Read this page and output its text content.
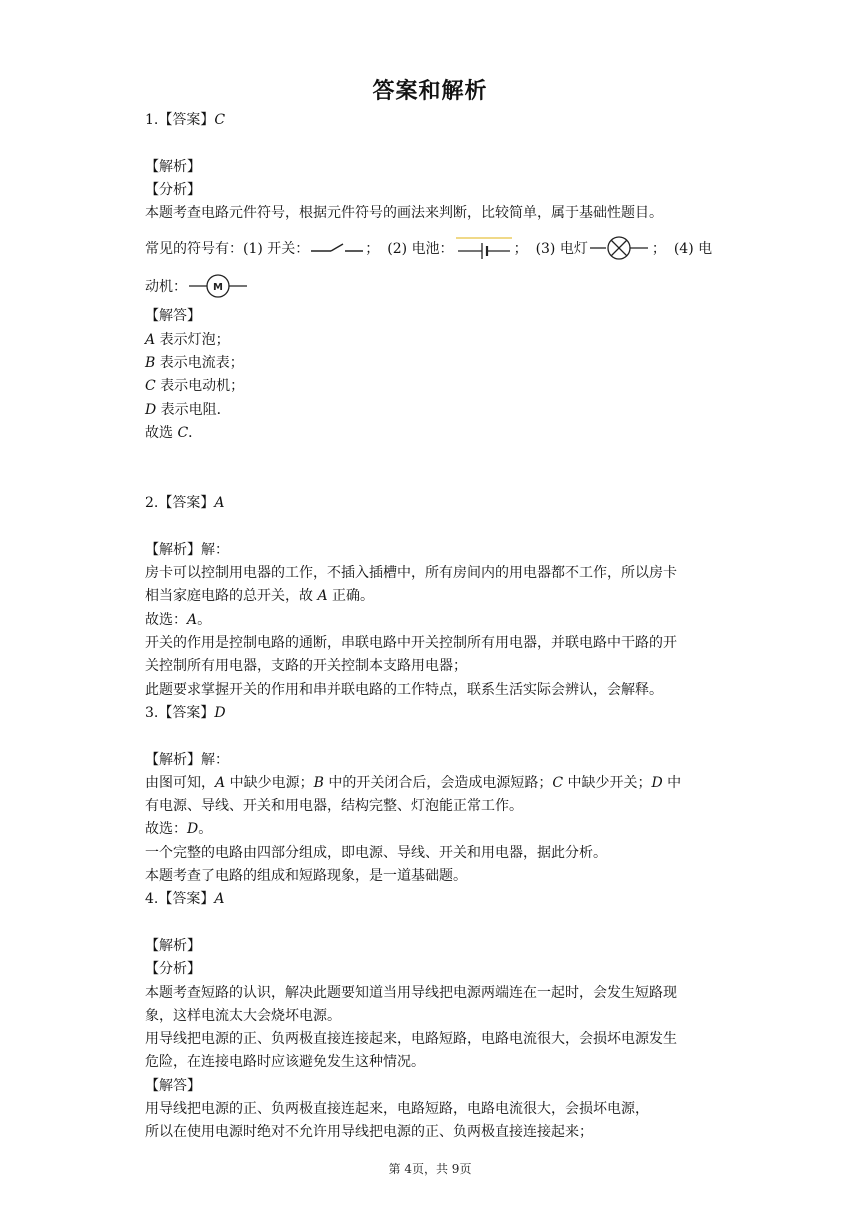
答案和解析
1.【答案】C
【解析】
【分析】
本题考查电路元件符号，根据元件符号的画法来判断，比较简单，属于基础性题目。
常见的符号有： (1) 开关：	； (2) 电池：	； (3) 电灯	； (4) 电
动机：	M
【解答】
A 表示灯泡；
B 表示电流表；
C 表示电动机；
D 表示电阻．
故选 C．
2.【答案】A
【解析】解：
房卡可以控制用电器的工作，不插入插槽中，所有房间内的用电器都不工作，所以房卡
相当家庭电路的总开关，故 A 正确。
故选：A。
开关的作用是控制电路的通断，串联电路中开关控制所有用电器，并联电路中干路的开
关控制所有用电器，支路的开关控制本支路用电器；
此题要求掌握开关的作用和串并联电路的工作特点，联系生活实际会辨认，会解释。
3.【答案】D
【解析】解：
由图可知，A 中缺少电源；B 中的开关闭合后，会造成电源短路；C 中缺少开关；D 中
有电源、导线、开关和用电器，结构完整、灯泡能正常工作。
故选：D。
一个完整的电路由四部分组成，即电源、导线、开关和用电器，据此分析。
本题考查了电路的组成和短路现象，是一道基础题。
4.【答案】A
【解析】
【分析】
本题考查短路的认识，解决此题要知道当用导线把电源两端连在一起时，会发生短路现
象，这样电流太大会烧坏电源。
用导线把电源的正、负两极直接连接起来，电路短路，电路电流很大，会损坏电源发生
危险，在连接电路时应该避免发生这种情况。
【解答】
用导线把电源的正、负两极直接连起来，电路短路，电路电流很大，会损坏电源，
所以在使用电源时绝对不允许用导线把电源的正、负两极直接连接起来；
第 4页，共 9页
